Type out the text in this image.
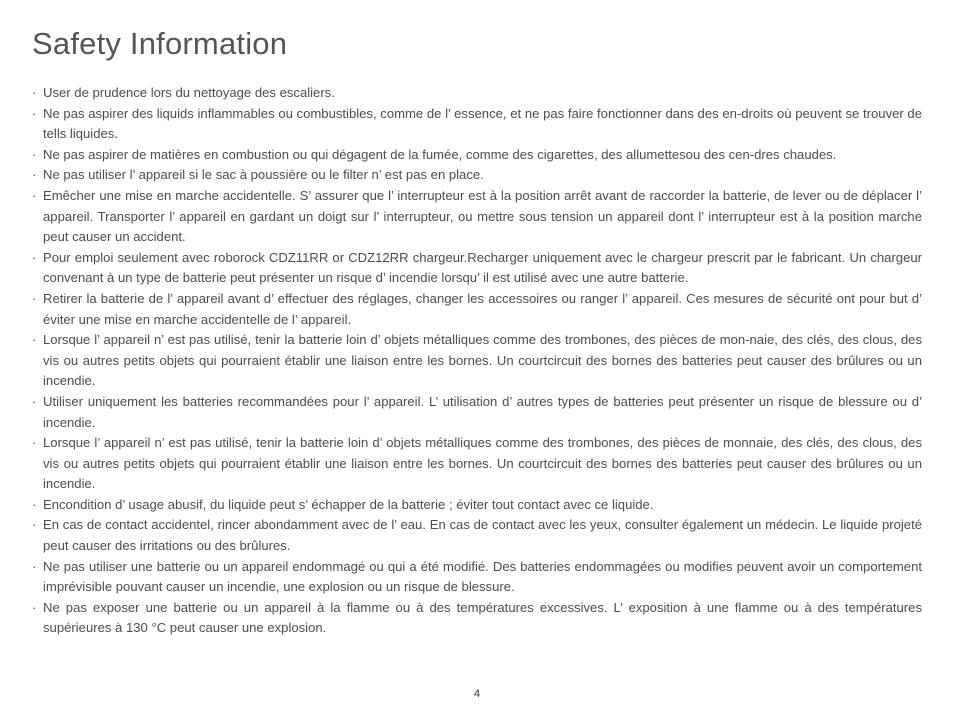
Safety Information
· User de prudence lors du nettoyage des escaliers.
· Ne pas aspirer des liquids inflammables ou combustibles, comme de l’ essence, et ne pas faire fonctionner dans des en-droits où peuvent se trouver de tells liquides.
· Ne pas aspirer de matières en combustion ou qui dégagent de la fumée, comme des cigarettes, des allumettesou des cen-dres chaudes.
· Ne pas utiliser l’ appareil si le sac à poussière ou le filter n’ est pas en place.
· Emêcher une mise en marche accidentelle. S’ assurer que l’ interrupteur est à la position arrêt avant de raccorder la batterie, de lever ou de déplacer l’ appareil. Transporter l’ appareil en gardant un doigt sur l’ interrupteur, ou mettre sous tension un appareil dont l’ interrupteur est à la position marche peut causer un accident.
· Pour emploi seulement avec roborock CDZ11RR or CDZ12RR chargeur.Recharger uniquement avec le chargeur prescrit par le fabricant. Un chargeur convenant à un type de batterie peut présenter un risque d’ incendie lorsqu’ il est utilisé avec une autre batterie.
· Retirer la batterie de l’ appareil avant d’ effectuer des réglages, changer les accessoires ou ranger l’ appareil. Ces mesures de sécurité ont pour but d’ éviter une mise en marche accidentelle de l’ appareil.
· Lorsque l’ appareil n’ est pas utilisé, tenir la batterie loin d’ objets métalliques comme des trombones, des pièces de mon-naie, des clés, des clous, des vis ou autres petits objets qui pourraient établir une liaison entre les bornes. Un courtcircuit des bornes des batteries peut causer des brûlures ou un incendie.
· Utiliser uniquement les batteries recommandées pour l’ appareil. L’ utilisation d’ autres types de batteries peut présenter un risque de blessure ou d’ incendie.
· Lorsque l’ appareil n’ est pas utilisé, tenir la batterie loin d’ objets métalliques comme des trombones, des pièces de monnaie, des clés, des clous, des vis ou autres petits objets qui pourraient établir une liaison entre les bornes. Un courtcircuit des bornes des batteries peut causer des brûlures ou un incendie.
· Encondition d’ usage abusif, du liquide peut s’ échapper de la batterie ; éviter tout contact avec ce liquide.
· En cas de contact accidentel, rincer abondamment avec de l’ eau. En cas de contact avec les yeux, consulter également un médecin. Le liquide projeté peut causer des irritations ou des brûlures.
· Ne pas utiliser une batterie ou un appareil endommagé ou qui a été modifié. Des batteries endommagées ou modifies peuvent avoir un comportement imprévisible pouvant causer un incendie, une explosion ou un risque de blessure.
· Ne pas exposer une batterie ou un appareil à la flamme ou à des températures excessives. L’ exposition à une flamme ou à des températures supérieures à 130 °C peut causer une explosion.
4
